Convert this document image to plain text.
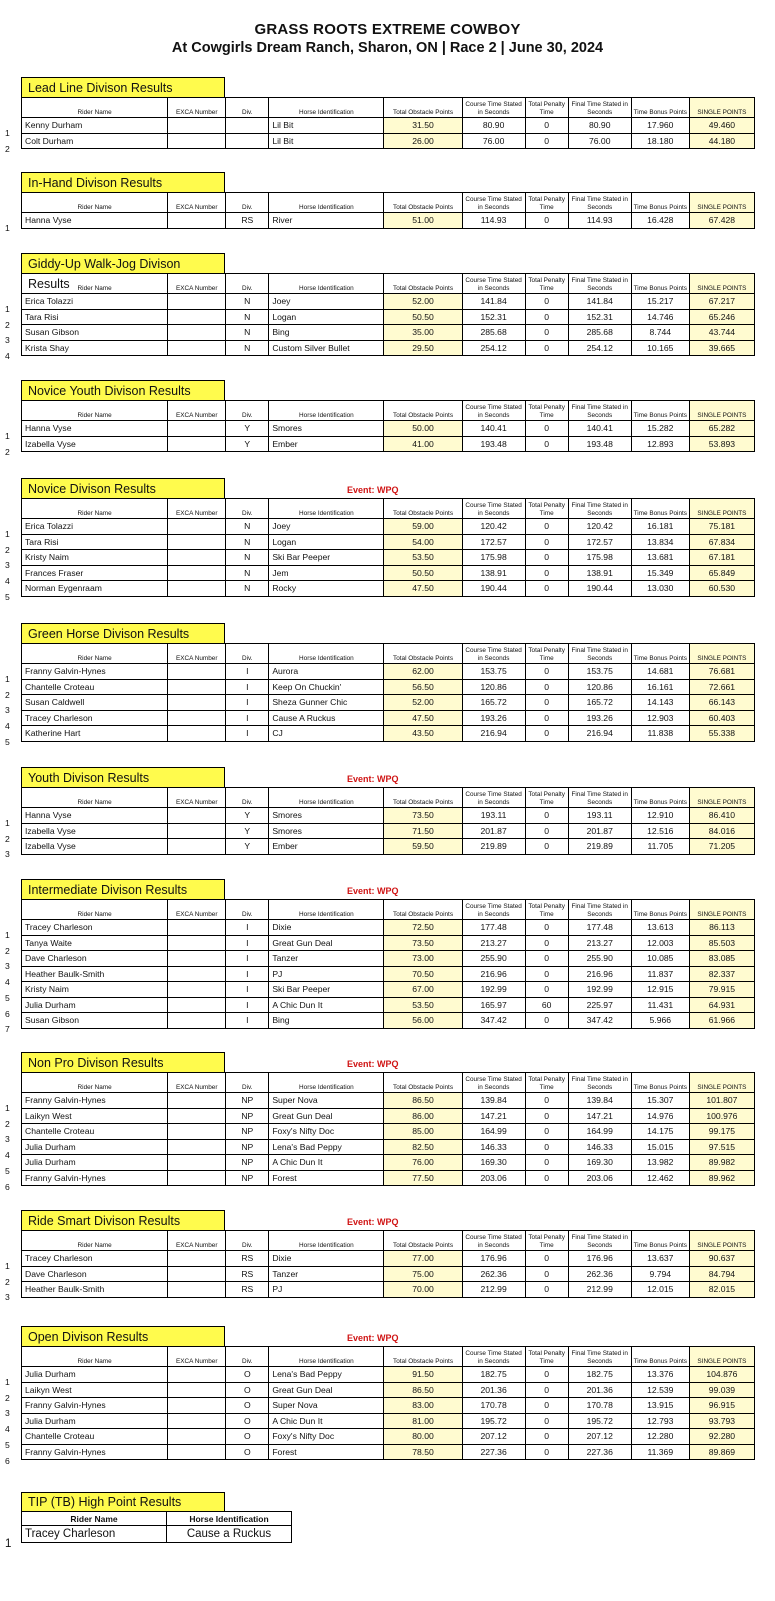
GRASS ROOTS EXTREME COWBOY
At Cowgirls Dream Ranch, Sharon, ON | Race 2 | June 30, 2024
Lead Line Divison Results
1
2
Rider Name	EXCA Number	Div.	Horse Identification	Total Obstacle Points	Course Time Stated in Seconds	Total Penalty Time	Final Time Stated in Seconds	Time Bonus Points	SINGLE POINTS
Kenny Durham			Lil Bit	31.50	80.90	0	80.90	17.960	49.460
Colt Durham			Lil Bit	26.00	76.00	0	76.00	18.180	44.180
In-Hand Divison Results
1
Rider Name	EXCA Number	Div.	Horse Identification	Total Obstacle Points	Course Time Stated in Seconds	Total Penalty Time	Final Time Stated in Seconds	Time Bonus Points	SINGLE POINTS
Hanna Vyse		RS	River	51.00	114.93	0	114.93	16.428	67.428
Giddy-Up Walk-Jog Divison Results
1
2
3
4
Rider Name	EXCA Number	Div.	Horse Identification	Total Obstacle Points	Course Time Stated in Seconds	Total Penalty Time	Final Time Stated in Seconds	Time Bonus Points	SINGLE POINTS
Erica Tolazzi		N	Joey	52.00	141.84	0	141.84	15.217	67.217
Tara Risi		N	Logan	50.50	152.31	0	152.31	14.746	65.246
Susan Gibson		N	Bing	35.00	285.68	0	285.68	8.744	43.744
Krista Shay		N	Custom Silver Bullet	29.50	254.12	0	254.12	10.165	39.665
Novice Youth Divison Results
1
2
Rider Name	EXCA Number	Div.	Horse Identification	Total Obstacle Points	Course Time Stated in Seconds	Total Penalty Time	Final Time Stated in Seconds	Time Bonus Points	SINGLE POINTS
Hanna Vyse		Y	Smores	50.00	140.41	0	140.41	15.282	65.282
Izabella Vyse		Y	Ember	41.00	193.48	0	193.48	12.893	53.893
Novice Divison Results	Event: WPQ
1
2
3
4
5
Rider Name	EXCA Number	Div.	Horse Identification	Total Obstacle Points	Course Time Stated in Seconds	Total Penalty Time	Final Time Stated in Seconds	Time Bonus Points	SINGLE POINTS
Erica Tolazzi		N	Joey	59.00	120.42	0	120.42	16.181	75.181
Tara Risi		N	Logan	54.00	172.57	0	172.57	13.834	67.834
Kristy Naim		N	Ski Bar Peeper	53.50	175.98	0	175.98	13.681	67.181
Frances Fraser		N	Jem	50.50	138.91	0	138.91	15.349	65.849
Norman Eygenraam		N	Rocky	47.50	190.44	0	190.44	13.030	60.530
Green Horse Divison Results
1
2
3
4
5
Rider Name	EXCA Number	Div.	Horse Identification	Total Obstacle Points	Course Time Stated in Seconds	Total Penalty Time	Final Time Stated in Seconds	Time Bonus Points	SINGLE POINTS
Franny Galvin-Hynes		I	Aurora	62.00	153.75	0	153.75	14.681	76.681
Chantelle Croteau		I	Keep On Chuckin'	56.50	120.86	0	120.86	16.161	72.661
Susan Caldwell		I	Sheza Gunner Chic	52.00	165.72	0	165.72	14.143	66.143
Tracey Charleson		I	Cause A Ruckus	47.50	193.26	0	193.26	12.903	60.403
Katherine Hart		I	CJ	43.50	216.94	0	216.94	11.838	55.338
Youth Divison Results	Event: WPQ
1
2
3
Rider Name	EXCA Number	Div.	Horse Identification	Total Obstacle Points	Course Time Stated in Seconds	Total Penalty Time	Final Time Stated in Seconds	Time Bonus Points	SINGLE POINTS
Hanna Vyse		Y	Smores	73.50	193.11	0	193.11	12.910	86.410
Izabella Vyse		Y	Smores	71.50	201.87	0	201.87	12.516	84.016
Izabella Vyse		Y	Ember	59.50	219.89	0	219.89	11.705	71.205
Intermediate Divison Results	Event: WPQ
1
2
3
4
5
6
7
Rider Name	EXCA Number	Div.	Horse Identification	Total Obstacle Points	Course Time Stated in Seconds	Total Penalty Time	Final Time Stated in Seconds	Time Bonus Points	SINGLE POINTS
Tracey Charleson		I	Dixie	72.50	177.48	0	177.48	13.613	86.113
Tanya Waite		I	Great Gun Deal	73.50	213.27	0	213.27	12.003	85.503
Dave Charleson		I	Tanzer	73.00	255.90	0	255.90	10.085	83.085
Heather Baulk-Smith		I	PJ	70.50	216.96	0	216.96	11.837	82.337
Kristy Naim		I	Ski Bar Peeper	67.00	192.99	0	192.99	12.915	79.915
Julia Durham		I	A Chic Dun It	53.50	165.97	60	225.97	11.431	64.931
Susan Gibson		I	Bing	56.00	347.42	0	347.42	5.966	61.966
Non Pro Divison Results	Event: WPQ
1
2
3
4
5
6
Rider Name	EXCA Number	Div.	Horse Identification	Total Obstacle Points	Course Time Stated in Seconds	Total Penalty Time	Final Time Stated in Seconds	Time Bonus Points	SINGLE POINTS
Franny Galvin-Hynes		NP	Super Nova	86.50	139.84	0	139.84	15.307	101.807
Laikyn West		NP	Great Gun Deal	86.00	147.21	0	147.21	14.976	100.976
Chantelle Croteau		NP	Foxy's Nifty Doc	85.00	164.99	0	164.99	14.175	99.175
Julia Durham		NP	Lena's Bad Peppy	82.50	146.33	0	146.33	15.015	97.515
Julia Durham		NP	A Chic Dun It	76.00	169.30	0	169.30	13.982	89.982
Franny Galvin-Hynes		NP	Forest	77.50	203.06	0	203.06	12.462	89.962
Ride Smart Divison Results	Event: WPQ
1
2
3
Rider Name	EXCA Number	Div.	Horse Identification	Total Obstacle Points	Course Time Stated in Seconds	Total Penalty Time	Final Time Stated in Seconds	Time Bonus Points	SINGLE POINTS
Tracey Charleson		RS	Dixie	77.00	176.96	0	176.96	13.637	90.637
Dave Charleson		RS	Tanzer	75.00	262.36	0	262.36	9.794	84.794
Heather Baulk-Smith		RS	PJ	70.00	212.99	0	212.99	12.015	82.015
Open Divison Results	Event: WPQ
1
2
3
4
5
6
Rider Name	EXCA Number	Div.	Horse Identification	Total Obstacle Points	Course Time Stated in Seconds	Total Penalty Time	Final Time Stated in Seconds	Time Bonus Points	SINGLE POINTS
Julia Durham		O	Lena's Bad Peppy	91.50	182.75	0	182.75	13.376	104.876
Laikyn West		O	Great Gun Deal	86.50	201.36	0	201.36	12.539	99.039
Franny Galvin-Hynes		O	Super Nova	83.00	170.78	0	170.78	13.915	96.915
Julia Durham		O	A Chic Dun It	81.00	195.72	0	195.72	12.793	93.793
Chantelle Croteau		O	Foxy's Nifty Doc	80.00	207.12	0	207.12	12.280	92.280
Franny Galvin-Hynes		O	Forest	78.50	227.36	0	227.36	11.369	89.869
TIP (TB) High Point Results
Rider Name	Horse Identification
Tracey Charleson	Cause a Ruckus
1
